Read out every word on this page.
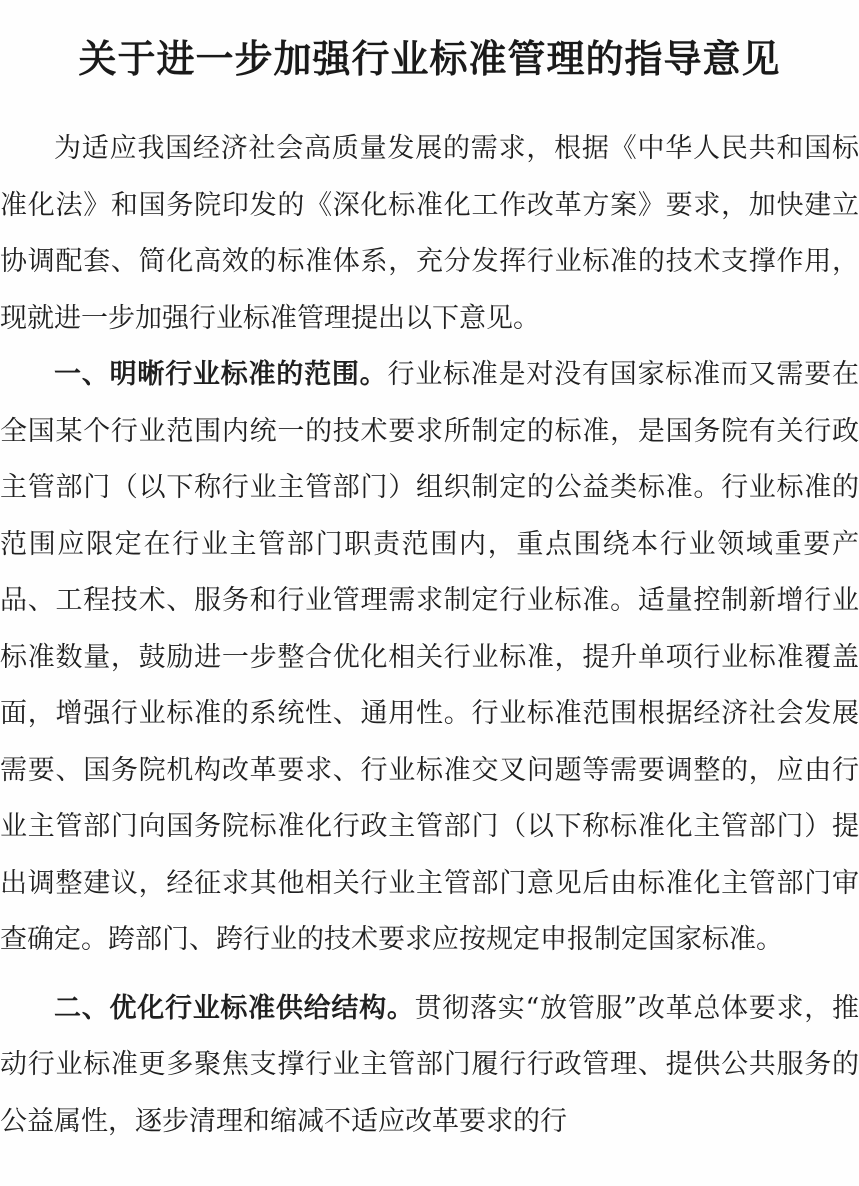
关于进一步加强行业标准管理的指导意见

为适应我国经济社会高质量发展的需求，根据《中华人民共和国标准化法》和国务院印发的《深化标准化工作改革方案》要求，加快建立协调配套、简化高效的标准体系，充分发挥行业标准的技术支撑作用，现就进一步加强行业标准管理提出以下意见。

一、明晰行业标准的范围。行业标准是对没有国家标准而又需要在全国某个行业范围内统一的技术要求所制定的标准，是国务院有关行政主管部门（以下称行业主管部门）组织制定的公益类标准。行业标准的范围应限定在行业主管部门职责范围内，重点围绕本行业领域重要产品、工程技术、服务和行业管理需求制定行业标准。适量控制新增行业标准数量，鼓励进一步整合优化相关行业标准，提升单项行业标准覆盖面，增强行业标准的系统性、通用性。行业标准范围根据经济社会发展需要、国务院机构改革要求、行业标准交叉问题等需要调整的，应由行业主管部门向国务院标准化行政主管部门（以下称标准化主管部门）提出调整建议，经征求其他相关行业主管部门意见后由标准化主管部门审查确定。跨部门、跨行业的技术要求应按规定申报制定国家标准。

二、优化行业标准供给结构。贯彻落实“放管服”改革总体要求，推动行业标准更多聚焦支撑行业主管部门履行行政管理、提供公共服务的公益属性，逐步清理和缩减不适应改革要求的行
